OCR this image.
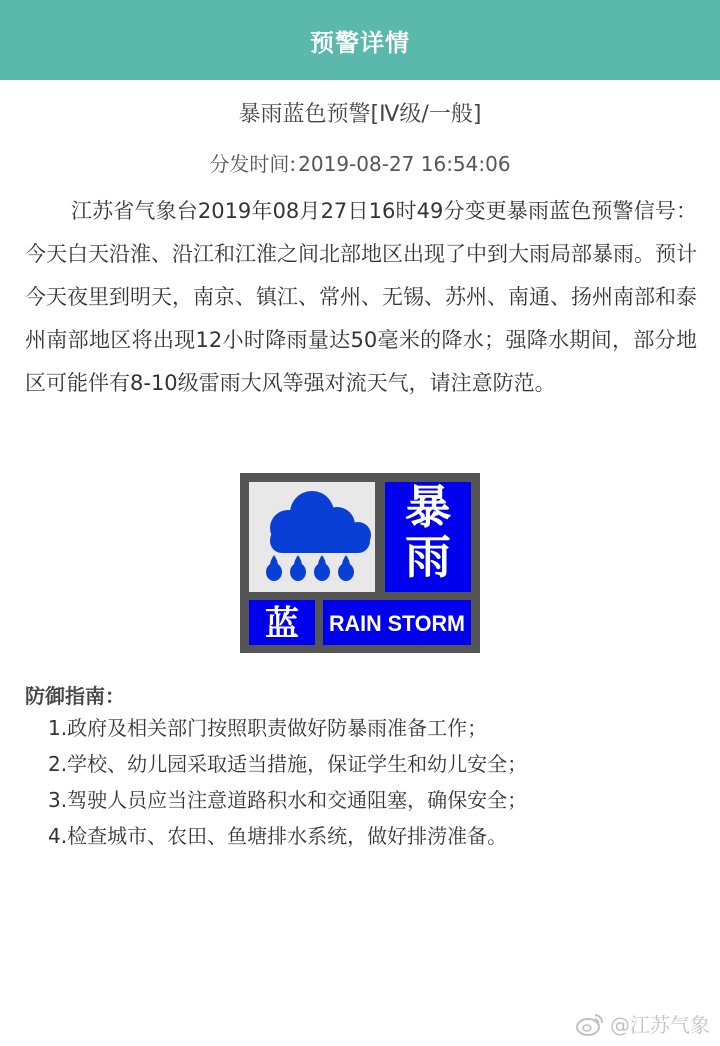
预警详情
暴雨蓝色预警[Ⅳ级/一般]
分发时间: 2019-08-27 16:54:06
江苏省气象台2019年08月27日16时49分变更暴雨蓝色预警信号：今天白天沿淮、沿江和江淮之间北部地区出现了中到大雨局部暴雨。预计今天夜里到明天，南京、镇江、常州、无锡、苏州、南通、扬州南部和泰州南部地区将出现12小时降雨量达50毫米的降水；强降水期间，部分地区可能伴有8-10级雷雨大风等强对流天气，请注意防范。
暴雨
蓝 RAIN STORM
防御指南：
1.政府及相关部门按照职责做好防暴雨准备工作；
2.学校、幼儿园采取适当措施，保证学生和幼儿安全；
3.驾驶人员应当注意道路积水和交通阻塞，确保安全；
4.检查城市、农田、鱼塘排水系统，做好排涝准备。
@江苏气象
